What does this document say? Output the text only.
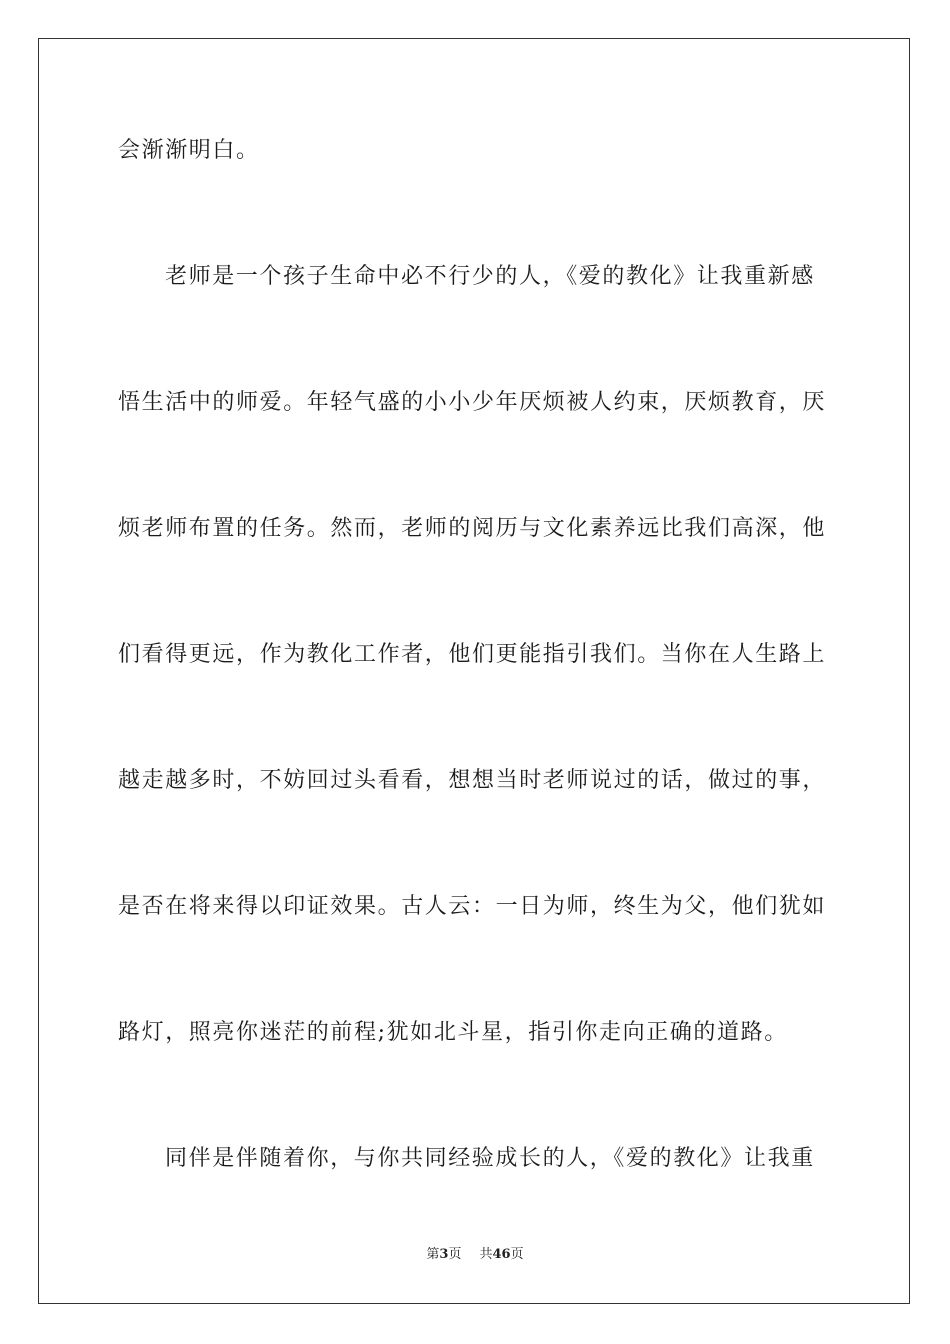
会渐渐明白。
老师是一个孩子生命中必不行少的人，《爱的教化》让我重新感
悟生活中的师爱。年轻气盛的小小少年厌烦被人约束，厌烦教育，厌
烦老师布置的任务。然而，老师的阅历与文化素养远比我们高深，他
们看得更远，作为教化工作者，他们更能指引我们。当你在人生路上
越走越多时，不妨回过头看看，想想当时老师说过的话，做过的事，
是否在将来得以印证效果。古人云：一日为师，终生为父，他们犹如
路灯，照亮你迷茫的前程;犹如北斗星，指引你走向正确的道路。
同伴是伴随着你，与你共同经验成长的人，《爱的教化》让我重
第3页 共46页
